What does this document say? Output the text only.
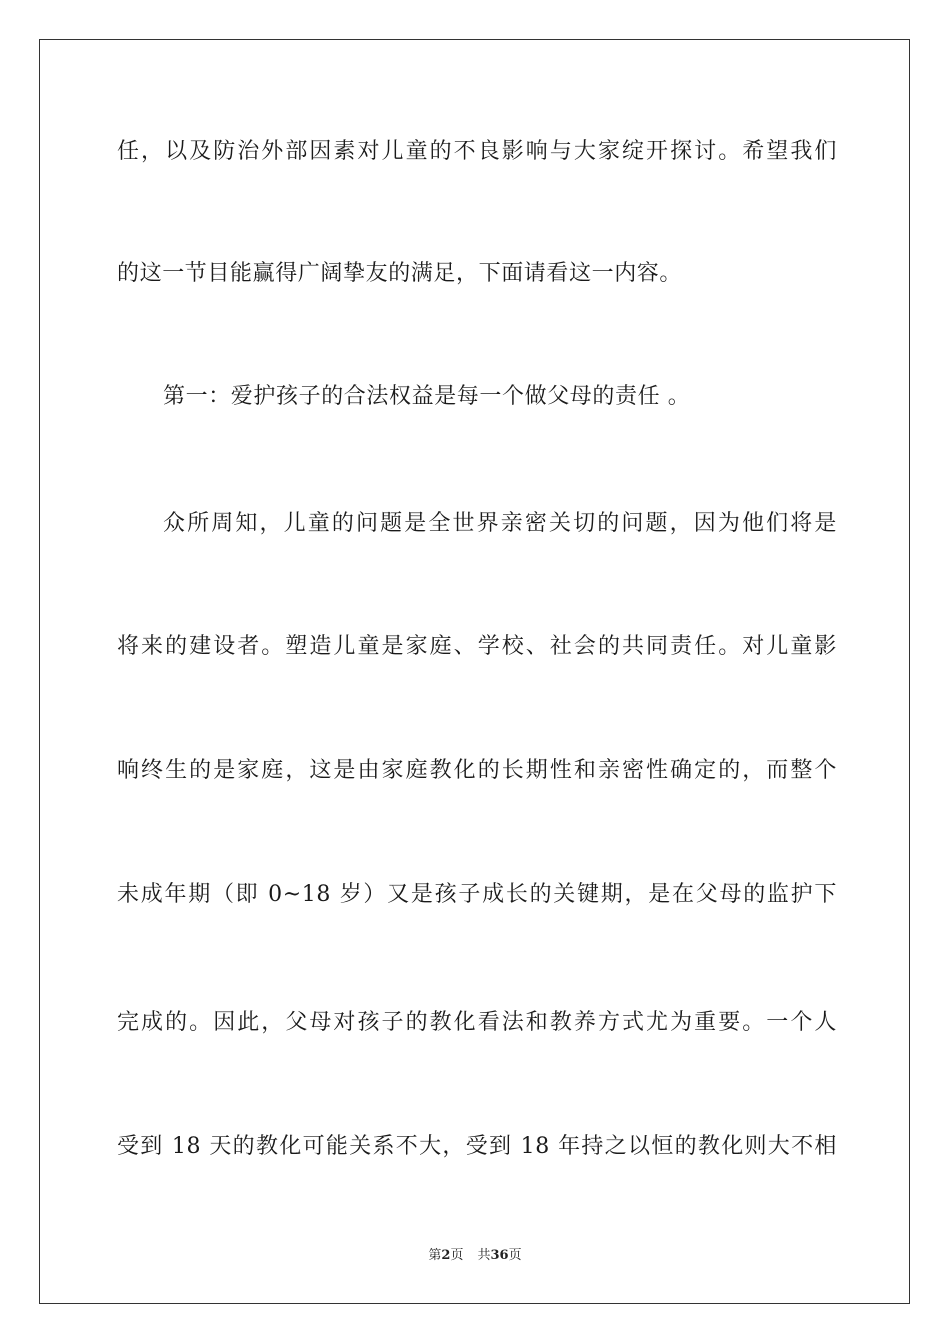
任，以及防治外部因素对儿童的不良影响与大家绽开探讨。希望我们
的这一节目能赢得广阔挚友的满足，下面请看这一内容。
第一：爱护孩子的合法权益是每一个做父母的责任 。
众所周知，儿童的问题是全世界亲密关切的问题，因为他们将是
将来的建设者。塑造儿童是家庭、学校、社会的共同责任。对儿童影
响终生的是家庭，这是由家庭教化的长期性和亲密性确定的，而整个
未成年期（即 0~18 岁）又是孩子成长的关键期，是在父母的监护下
完成的。因此，父母对孩子的教化看法和教养方式尤为重要。一个人
受到 18 天的教化可能关系不大，受到 18 年持之以恒的教化则大不相
第2页 共36页
